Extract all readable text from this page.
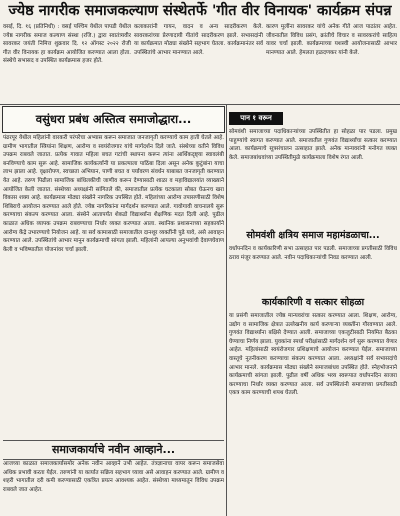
ज्येष्ठ नागरीक समाजकल्याण संस्थेतर्फे 'गीत वीर विनायक' कार्यक्रम संपन्न

वसई, दि. १६ (प्रतिनिधी) : वसई पश्चिम येथील पापडी येथील ज्येष्ठ नागरीक समाज कल्याण संस्था (रजि.) द्वारा स्वातंत्र्यवीर सावरकर जयंती निमित्त शुक्रवार दि. १२ ऑगस्ट २०२२ रोजी गीत वीर विनायक हा कार्यक्रम आयोजित करण्यात आला होता. संस्थेचे सभासद व उपस्थित कार्यक्रमास हजर होते.

कलाकारांनी गायन, वादन व अन्य सादरीकरण केले. सावरकरांच्या प्रेरणादायी गीतांचे सादरीकरण झाले. सभासदांनी या कार्यक्रमात मोठ्या संख्येने सहभाग घेतला. कार्यक्रमानंतर सर्व उपस्थितांचे आभार मानण्यात आले.

कारण मुलींना सावरकर यांचे अनेक गीते आज पाठांतर आहेत. जीवनातील विविध प्रसंग, क्रांतीचे विचार व सावरकरांचे साहित्य यावर चर्चा झाली. कार्यक्रमाच्या यशस्वी आयोजनासाठी आभार मानण्यात आले. हेमलता हळदणकर यांनी केले.

वसुंधरा प्रबंध अस्तित्व समाजोद्धारा...

पंढरपूर येथील महिलांनी वारकरी परंपरेचा अभ्यास करून समाजात जनजागृती करण्याचे काम हाती घेतले आहे. ग्रामीण भागातील स्त्रियांना शिक्षण, आरोग्य व स्वयंरोजगार यांचे मार्गदर्शन दिले जाते. संस्थेच्या वतीने विविध उपक्रम राबवले जातात. प्रत्येक गावात महिला बचत गटांची स्थापना करून त्यांना आर्थिकदृष्ट्या स्वावलंबी बनविण्याचे काम सुरू आहे. सामाजिक कार्यकर्त्यांनी या प्रकल्पाला पाठिंबा दिला असून अनेक कुटुंबांना याचा लाभ झाला आहे. वृक्षारोपण, स्वच्छता अभियान, पाणी बचत व पर्यावरण संवर्धन याबाबत जनजागृती करण्यात येत आहे. तरुण पिढीला सामाजिक बांधिलकीची जाणीव करून देण्यासाठी शाळा व महाविद्यालयांत व्याख्याने आयोजित केली जातात. संस्थेच्या अध्यक्षांनी सांगितले की, समाजातील प्रत्येक घटकाला सोबत घेऊनच खरा विकास शक्य आहे. कार्यक्रमास मोठ्या संख्येने नागरिक उपस्थित होते. महिलांच्या आरोग्य तपासणीसाठी विशेष शिबिराचे आयोजन करण्यात आले होते. ज्येष्ठ नागरिकांना मार्गदर्शन करण्यात आले. गावोगावी वाचनालये सुरू करण्याचा संकल्प करण्यात आला. संस्थेने आतापर्यंत शेकडो विद्यार्थ्यांना शैक्षणिक मदत दिली आहे. पुढील काळात अधिक व्यापक उपक्रम राबवण्याचा निर्धार व्यक्त करण्यात आला. स्थानिक प्रशासनाच्या सहकार्याने आरोग्य केंद्रे उभारण्याचे नियोजन आहे. या सर्व कामासाठी समाजातील दानशूर व्यक्तींनी पुढे यावे, असे आवाहन करण्यात आले. उपस्थितांचे आभार मानून कार्यक्रमाची सांगता झाली. महिलांनी आपल्या अनुभवांची देवाणघेवाण केली व भविष्यातील योजनांवर चर्चा झाली.

पान १ वरून

सोमवंशी समाजाच्या पदाधिकाऱ्यांच्या उपस्थितीत हा सोहळा पार पडला. प्रमुख पाहुण्यांचे स्वागत करण्यात आले. समाजातील गुणवंत विद्यार्थ्यांचा सत्कार करण्यात आला. कार्यक्रमाचे सूत्रसंचालन उत्साहात झाले. अनेक मान्यवरांनी मनोगत व्यक्त केले. समाजबांधवांच्या उपस्थितीमुळे कार्यक्रमाला विशेष रंगत आली.

सोमवंशी क्षत्रिय समाज महामंडळाचा...

वर्धापनदिन व कार्यकारिणी सभा उत्साहात पार पडली. समाजाच्या प्रगतीसाठी विविध ठराव मंजूर करण्यात आले. नवीन पदाधिकाऱ्यांची निवड करण्यात आली.

कार्यकारिणी व सत्कार सोहळा

या प्रसंगी समाजातील ज्येष्ठ मान्यवरांचा सत्कार करण्यात आला. शिक्षण, आरोग्य, उद्योग व सामाजिक क्षेत्रात उल्लेखनीय कार्य करणाऱ्या व्यक्तींना गौरवण्यात आले. गुणवंत विद्यार्थ्यांना बक्षिसे देण्यात आली. समाजाच्या एकजुटीसाठी नियमित बैठका घेण्याचा निर्णय झाला. युवकांना स्पर्धा परीक्षांसाठी मार्गदर्शन वर्ग सुरू करण्यात येणार आहेत. महिलांसाठी स्वयंरोजगार प्रशिक्षणाचे आयोजन करण्यात येईल. समाजाच्या वास्तूचे नूतनीकरण करण्याचा संकल्प करण्यात आला. अध्यक्षांनी सर्व सभासदांचे आभार मानले. कार्यक्रमास मोठ्या संख्येने समाजबांधव उपस्थित होते. स्नेहभोजनाने कार्यक्रमाची सांगता झाली. पुढील वर्षी अधिक भव्य स्वरूपात वर्धापनदिन साजरा करण्याचा निर्धार व्यक्त करण्यात आला. सर्व उपस्थितांनी समाजाच्या प्रगतीसाठी एकत्र काम करण्याची शपथ घेतली.

समाजकार्याचे नवीन आव्हाने...

आजच्या काळात समाजकार्यासमोर अनेक नवीन आव्हाने उभी आहेत. तंत्रज्ञानाचा वापर करून समाजसेवा अधिक प्रभावी करता येईल. तरुणांनी या कार्यात सक्रिय सहभाग घ्यावा असे आवाहन करण्यात आले. ग्रामीण व शहरी भागातील दरी कमी करण्यासाठी एकत्रित प्रयत्न आवश्यक आहेत. संस्थेच्या माध्यमातून विविध उपक्रम राबवले जात आहेत.
